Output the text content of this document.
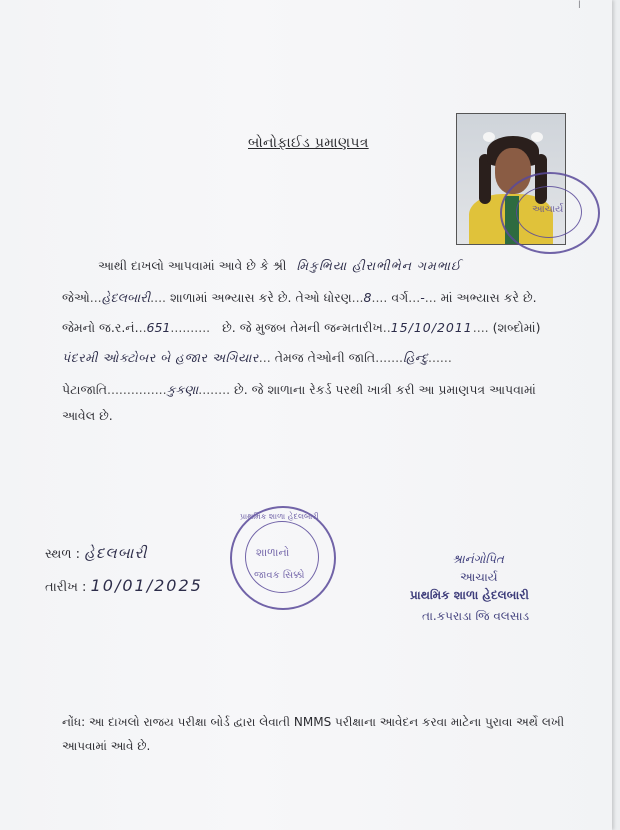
l
બોનોફાઈડ પ્રમાણપત્ર
આચાર્ય
આથી દાખલો આપવામાં આવે છે કે શ્રી મિકુભિયા હીરાભીભેન ગમભાઈ
જેઓ...હેદલબારી.... શાળામાં અભ્યાસ કરે છે. તેઓ ધોરણ...8.... વર્ગ...-... માં અભ્યાસ કરે છે.
જેમનો જ.ર.નં...651.......... છે. જે મુજબ તેમની જન્મતારીખ..15/10/2011.... (શબ્દોમાં)
પંદરમી ઓક્ટોબર બે હજાર અગિયાર... તેમજ તેઓની જાતિ.......હિન્દુ......
પેટાજાતિ...............કુકણા........ છે. જે શાળાના રેકર્ડ પરથી ખાત્રી કરી આ પ્રમાણપત્ર આપવામાં
આવેલ છે.
સ્થળ : હેદલબારી
તારીખ : 10/01/2025
પ્રાથમિક શાળા હેદલબારી
શાળાનો
જાવક સિક્કો
શ્રાનંગોપિત
આચાર્ય
પ્રાથમિક શાળા હેદલબારી
તા.કપરાડા જિ વલસાડ
નોંધ: આ દાખલો રાજય પરીક્ષા બોર્ડ દ્વારા લેવાતી NMMS પરીક્ષાના આવેદન કરવા માટેના પુરાવા અર્થે લખી આપવામાં આવે છે.
